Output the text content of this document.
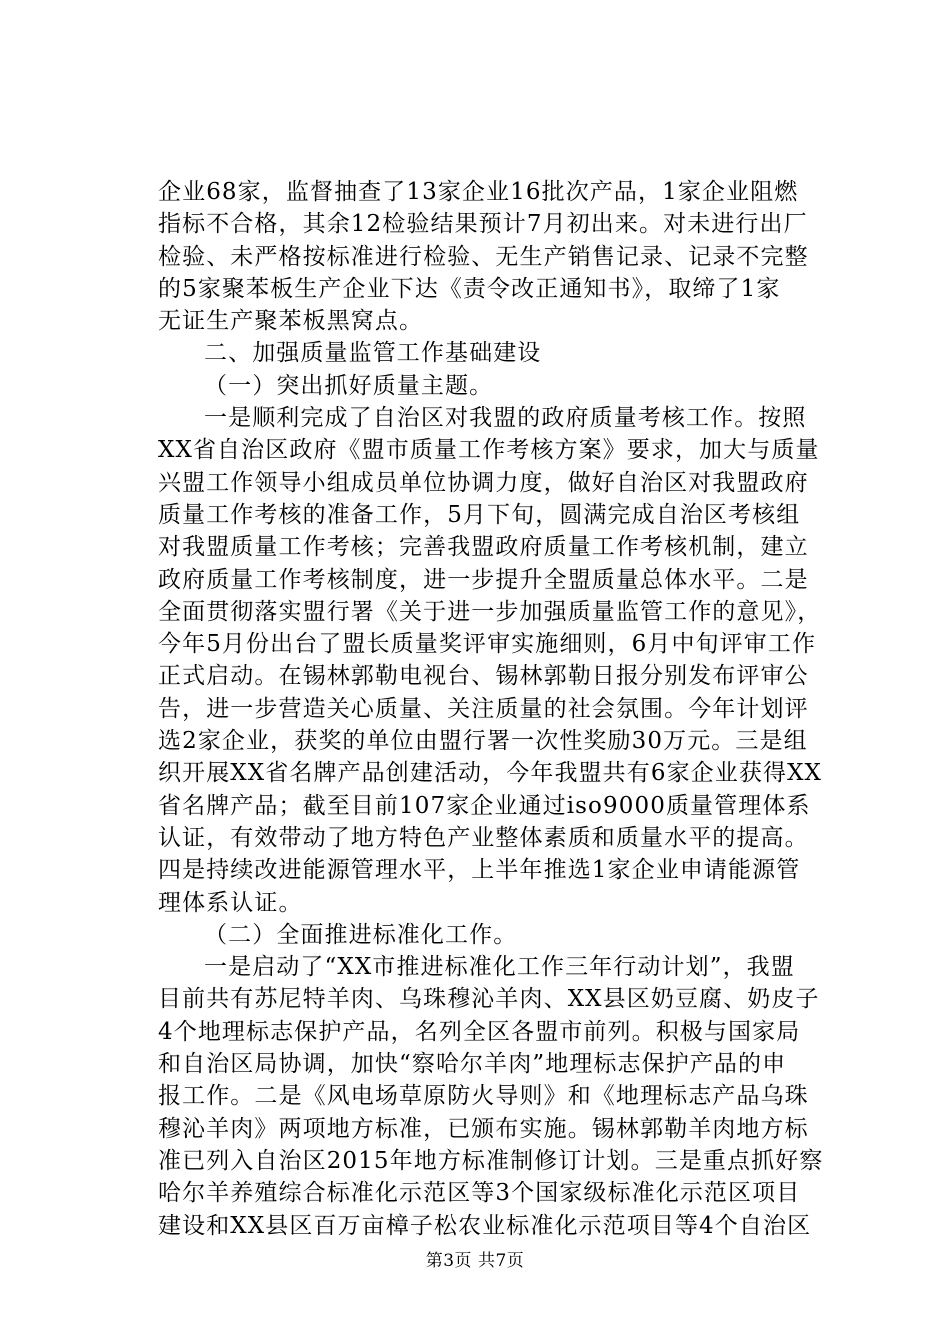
企业68家，监督抽查了13家企业16批次产品，1家企业阻燃
指标不合格，其余12检验结果预计7月初出来。对未进行出厂
检验、未严格按标准进行检验、无生产销售记录、记录不完整
的5家聚苯板生产企业下达《责令改正通知书》，取缔了1家
无证生产聚苯板黑窝点。
二、加强质量监管工作基础建设
（一）突出抓好质量主题。
一是顺利完成了自治区对我盟的政府质量考核工作。按照
XX省自治区政府《盟市质量工作考核方案》要求，加大与质量
兴盟工作领导小组成员单位协调力度，做好自治区对我盟政府
质量工作考核的准备工作，5月下旬，圆满完成自治区考核组
对我盟质量工作考核；完善我盟政府质量工作考核机制，建立
政府质量工作考核制度，进一步提升全盟质量总体水平。二是
全面贯彻落实盟行署《关于进一步加强质量监管工作的意见》，
今年5月份出台了盟长质量奖评审实施细则，6月中旬评审工作
正式启动。在锡林郭勒电视台、锡林郭勒日报分别发布评审公
告，进一步营造关心质量、关注质量的社会氛围。今年计划评
选2家企业，获奖的单位由盟行署一次性奖励30万元。三是组
织开展XX省名牌产品创建活动，今年我盟共有6家企业获得XX
省名牌产品；截至目前107家企业通过iso9000质量管理体系
认证，有效带动了地方特色产业整体素质和质量水平的提高。
四是持续改进能源管理水平，上半年推选1家企业申请能源管
理体系认证。
（二）全面推进标准化工作。
一是启动了“XX市推进标准化工作三年行动计划”，我盟
目前共有苏尼特羊肉、乌珠穆沁羊肉、XX县区奶豆腐、奶皮子
4个地理标志保护产品，名列全区各盟市前列。积极与国家局
和自治区局协调，加快“察哈尔羊肉”地理标志保护产品的申
报工作。二是《风电场草原防火导则》和《地理标志产品乌珠
穆沁羊肉》两项地方标准，已颁布实施。锡林郭勒羊肉地方标
准已列入自治区2015年地方标准制修订计划。三是重点抓好察
哈尔羊养殖综合标准化示范区等3个国家级标准化示范区项目
建设和XX县区百万亩樟子松农业标准化示范项目等4个自治区
第3页 共7页
